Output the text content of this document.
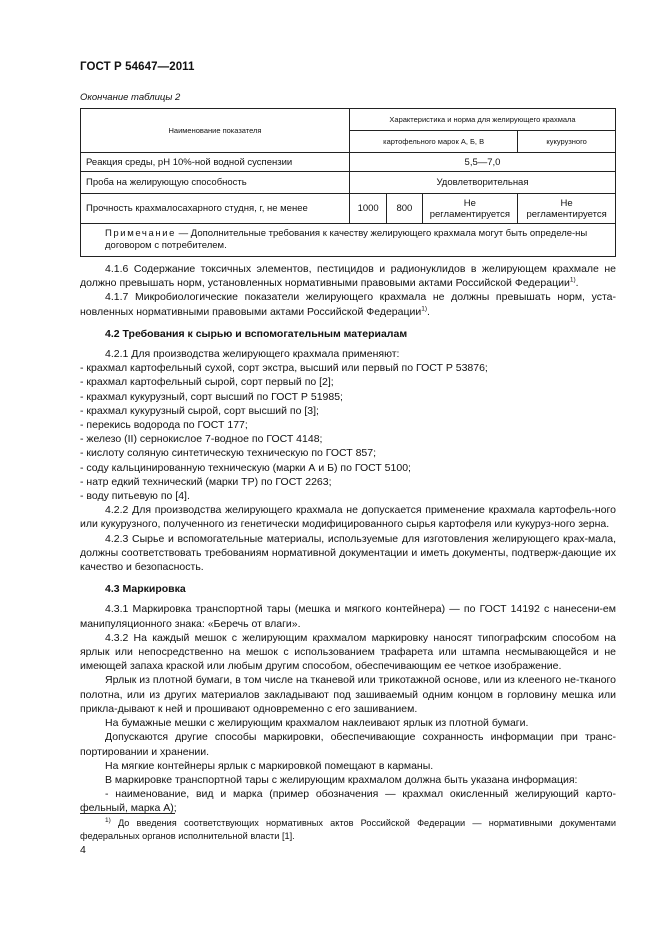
ГОСТ Р 54647—2011
Окончание таблицы 2
Наименование показателя	Характеристика и норма для желирующего крахмала			
	картофельного марок А, Б, В			кукурузного
Реакция среды, рН 10%-ной водной суспензии	5,5—7,0			
Проба на желирующую способность	Удовлетворительная			
Прочность крахмалосахарного студня, г, не менее	1000	800	Не регламентируется	Не регламентируется
Примечание — Дополнительные требования к качеству желирующего крахмала могут быть определе-ны договором с потребителем.				

4.1.6 Содержание токсичных элементов, пестицидов и радионуклидов в желирующем крахмале не должно превышать норм, установленных нормативными правовыми актами Российской Федерации$^{1)}$.

4.1.7 Микробиологические показатели желирующего крахмала не должны превышать норм, уста-новленных нормативными правовыми актами Российской Федерации$^{1)}$.

4.2 Требования к сырью и вспомогательным материалам

4.2.1 Для производства желирующего крахмала применяют:

- крахмал картофельный сухой, сорт экстра, высший или первый по ГОСТ Р 53876;

- крахмал картофельный сырой, сорт первый по [2];

- крахмал кукурузный, сорт высший по ГОСТ Р 51985;

- крахмал кукурузный сырой, сорт высший по [3];

- перекись водорода по ГОСТ 177;

- железо (II) сернокислое 7-водное по ГОСТ 4148;

- кислоту соляную синтетическую техническую по ГОСТ 857;

- соду кальцинированную техническую (марки А и Б) по ГОСТ 5100;

- натр едкий технический (марки ТР) по ГОСТ 2263;

- воду питьевую по [4].

4.2.2 Для производства желирующего крахмала не допускается применение крахмала картофель-ного или кукурузного, полученного из генетически модифицированного сырья картофеля или кукуруз-ного зерна.

4.2.3 Сырье и вспомогательные материалы, используемые для изготовления желирующего крах-мала, должны соответствовать требованиям нормативной документации и иметь документы, подтверж-дающие их качество и безопасность.

4.3 Маркировка

4.3.1 Маркировка транспортной тары (мешка и мягкого контейнера) — по ГОСТ 14192 с нанесени-ем манипуляционного знака: «Беречь от влаги».

4.3.2 На каждый мешок с желирующим крахмалом маркировку наносят типографским способом на ярлык или непосредственно на мешок с использованием трафарета или штампа несмывающейся и не имеющей запаха краской или любым другим способом, обеспечивающим ее четкое изображение.

Ярлык из плотной бумаги, в том числе на тканевой или трикотажной основе, или из клееного не-тканого полотна, или из других материалов закладывают под зашиваемый одним концом в горловину мешка или прикла-дывают к ней и прошивают одновременно с его зашиванием.

На бумажные мешки с желирующим крахмалом наклеивают ярлык из плотной бумаги.

Допускаются другие способы маркировки, обеспечивающие сохранность информации при транс-портировании и хранении.

На мягкие контейнеры ярлык с маркировкой помещают в карманы.

В маркировке транспортной тары с желирующим крахмалом должна быть указана информация:

- наименование, вид и марка (пример обозначения — крахмал окисленный желирующий карто-фельный, марка А);

$^{1)}$ До введения соответствующих нормативных актов Российской Федерации — нормативными документами федеральных органов исполнительной власти [1].
4
